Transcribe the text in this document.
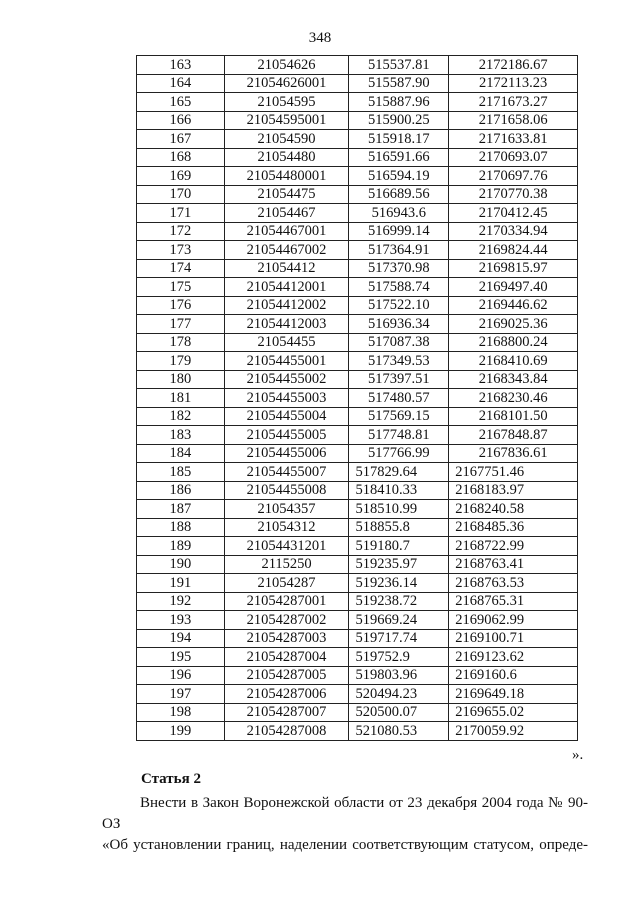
348
163	21054626	515537.81	2172186.67
164	21054626001	515587.90	2172113.23
165	21054595	515887.96	2171673.27
166	21054595001	515900.25	2171658.06
167	21054590	515918.17	2171633.81
168	21054480	516591.66	2170693.07
169	21054480001	516594.19	2170697.76
170	21054475	516689.56	2170770.38
171	21054467	516943.6	2170412.45
172	21054467001	516999.14	2170334.94
173	21054467002	517364.91	2169824.44
174	21054412	517370.98	2169815.97
175	21054412001	517588.74	2169497.40
176	21054412002	517522.10	2169446.62
177	21054412003	516936.34	2169025.36
178	21054455	517087.38	2168800.24
179	21054455001	517349.53	2168410.69
180	21054455002	517397.51	2168343.84
181	21054455003	517480.57	2168230.46
182	21054455004	517569.15	2168101.50
183	21054455005	517748.81	2167848.87
184	21054455006	517766.99	2167836.61
185	21054455007	517829.64	2167751.46
186	21054455008	518410.33	2168183.97
187	21054357	518510.99	2168240.58
188	21054312	518855.8	2168485.36
189	21054431201	519180.7	2168722.99
190	2115250	519235.97	2168763.41
191	21054287	519236.14	2168763.53
192	21054287001	519238.72	2168765.31
193	21054287002	519669.24	2169062.99
194	21054287003	519717.74	2169100.71
195	21054287004	519752.9	2169123.62
196	21054287005	519803.96	2169160.6
197	21054287006	520494.23	2169649.18
198	21054287007	520500.07	2169655.02
199	21054287008	521080.53	2170059.92
».
Статья 2

Внести в Закон Воронежской области от 23 декабря 2004 года № 90-ОЗ

«Об установлении границ, наделении соответствующим статусом, опреде-
